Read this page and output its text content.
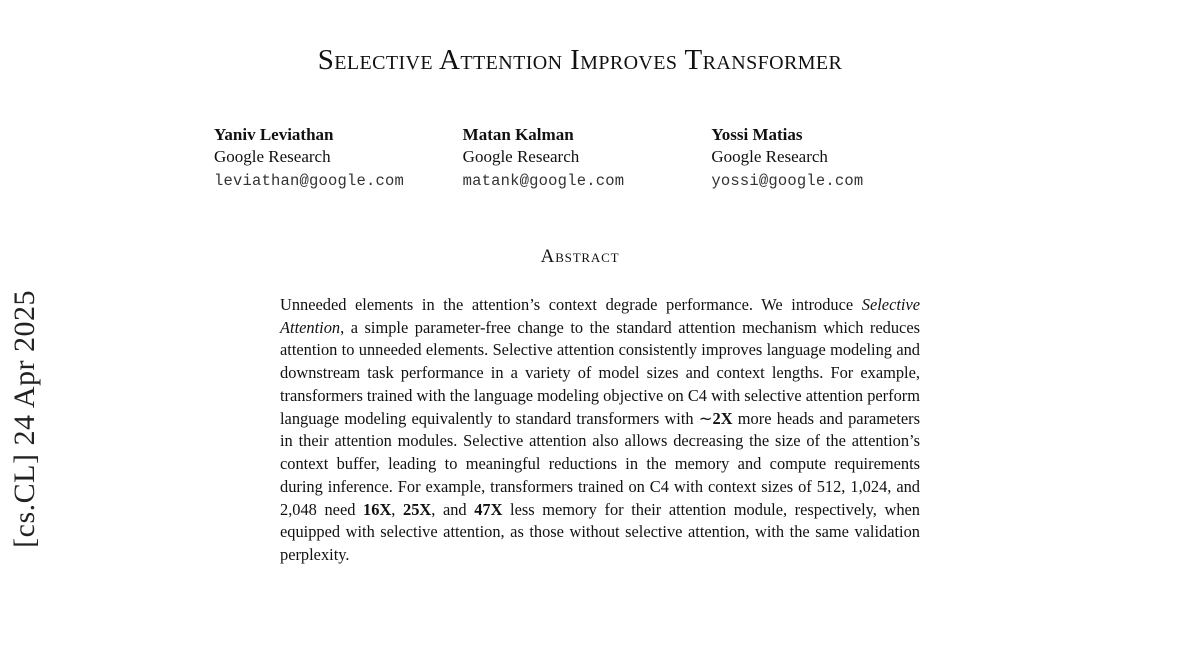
[cs.CL] 24 Apr 2025
Selective Attention Improves Transformer
Yaniv Leviathan
Google Research
leviathan@google.com
Matan Kalman
Google Research
matank@google.com
Yossi Matias
Google Research
yossi@google.com
Abstract
Unneeded elements in the attention’s context degrade performance. We introduce Selective Attention, a simple parameter-free change to the standard attention mechanism which reduces attention to unneeded elements. Selective attention consistently improves language modeling and downstream task performance in a variety of model sizes and context lengths. For example, transformers trained with the language modeling objective on C4 with selective attention perform language modeling equivalently to standard transformers with ∼2X more heads and parameters in their attention modules. Selective attention also allows decreasing the size of the attention’s context buffer, leading to meaningful reductions in the memory and compute requirements during inference. For example, transformers trained on C4 with context sizes of 512, 1,024, and 2,048 need 16X, 25X, and 47X less memory for their attention module, respectively, when equipped with selective attention, as those without selective attention, with the same validation perplexity.
